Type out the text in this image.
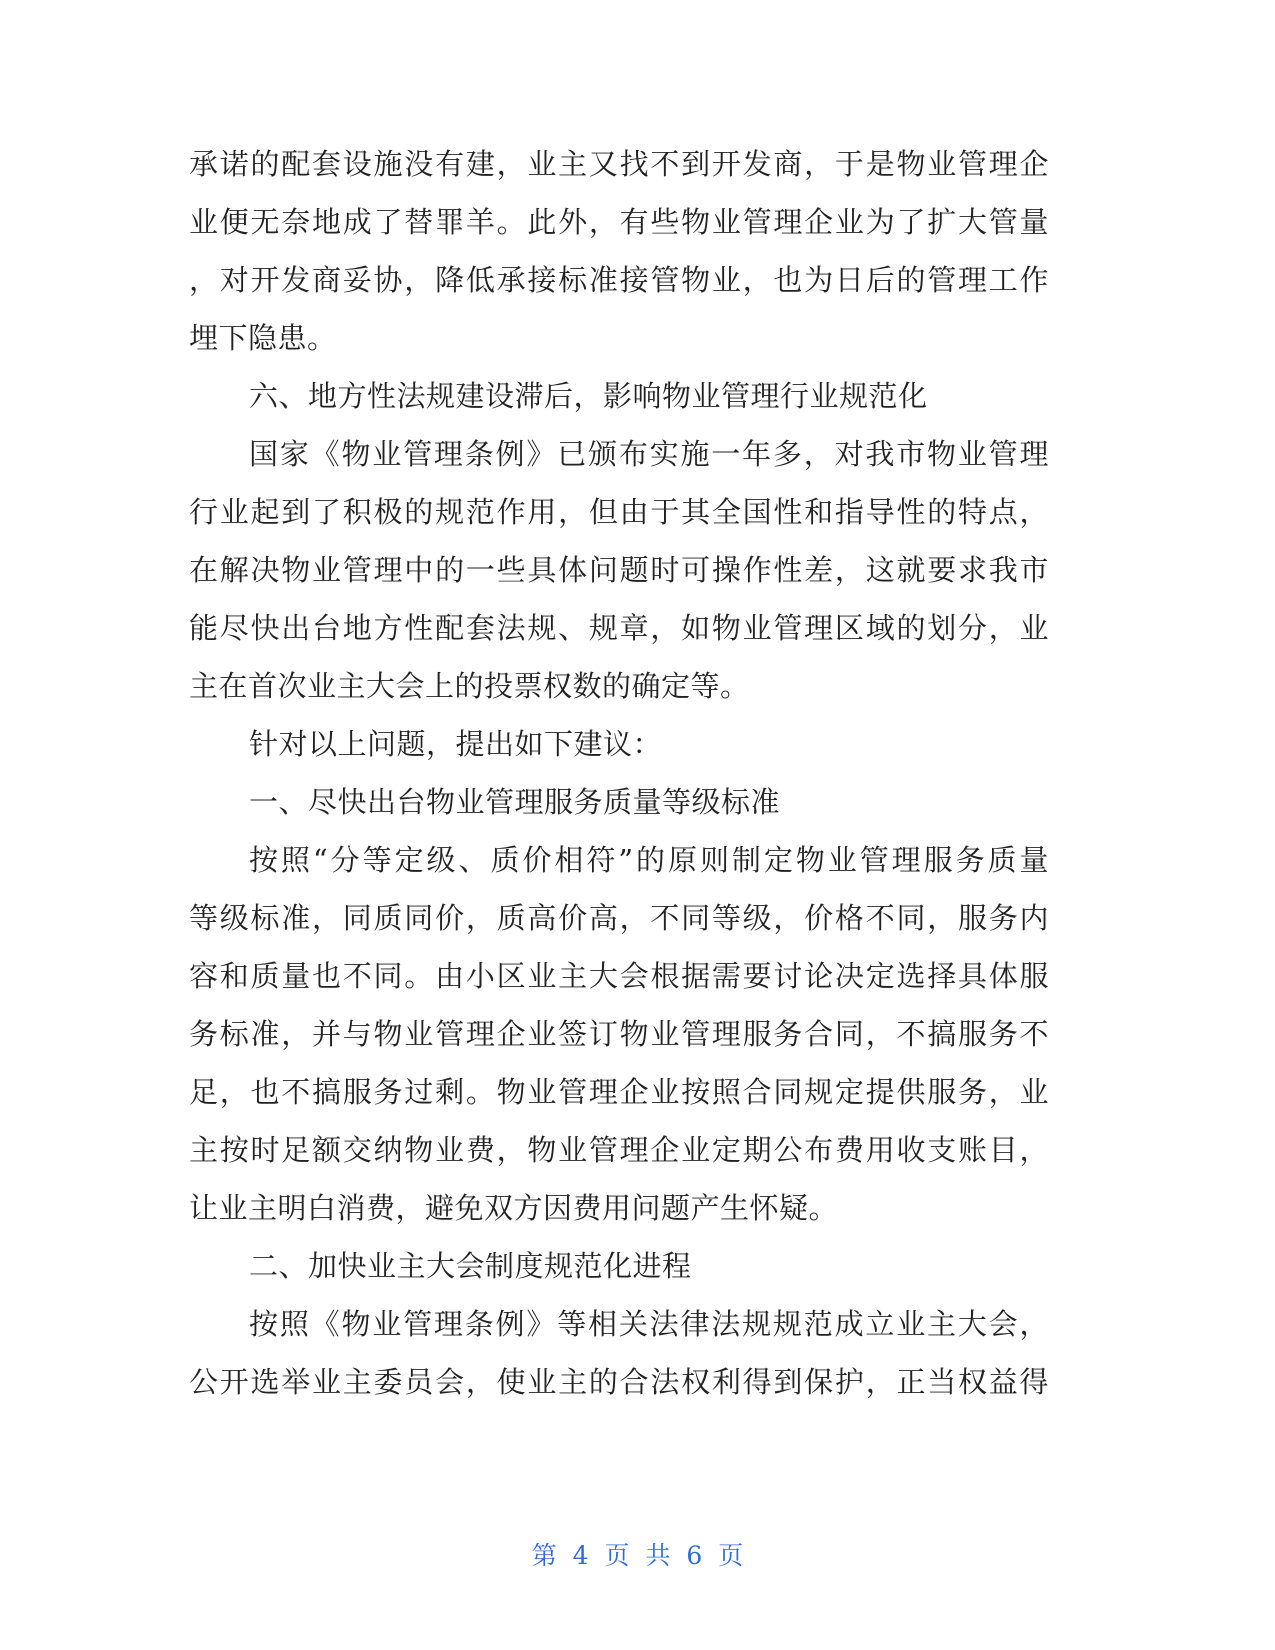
承诺的配套设施没有建，业主又找不到开发商，于是物业管理企

业便无奈地成了替罪羊。此外，有些物业管理企业为了扩大管量

，对开发商妥协，降低承接标准接管物业，也为日后的管理工作

埋下隐患。

六、地方性法规建设滞后，影响物业管理行业规范化

国家《物业管理条例》已颁布实施一年多，对我市物业管理

行业起到了积极的规范作用，但由于其全国性和指导性的特点，

在解决物业管理中的一些具体问题时可操作性差，这就要求我市

能尽快出台地方性配套法规、规章，如物业管理区域的划分，业

主在首次业主大会上的投票权数的确定等。

针对以上问题，提出如下建议：

一、尽快出台物业管理服务质量等级标准

按照“分等定级、质价相符”的原则制定物业管理服务质量

等级标准，同质同价，质高价高，不同等级，价格不同，服务内

容和质量也不同。由小区业主大会根据需要讨论决定选择具体服

务标准，并与物业管理企业签订物业管理服务合同，不搞服务不

足，也不搞服务过剩。物业管理企业按照合同规定提供服务，业

主按时足额交纳物业费，物业管理企业定期公布费用收支账目，

让业主明白消费，避免双方因费用问题产生怀疑。

二、加快业主大会制度规范化进程

按照《物业管理条例》等相关法律法规规范成立业主大会，

公开选举业主委员会，使业主的合法权利得到保护，正当权益得

第 4 页 共 6 页
